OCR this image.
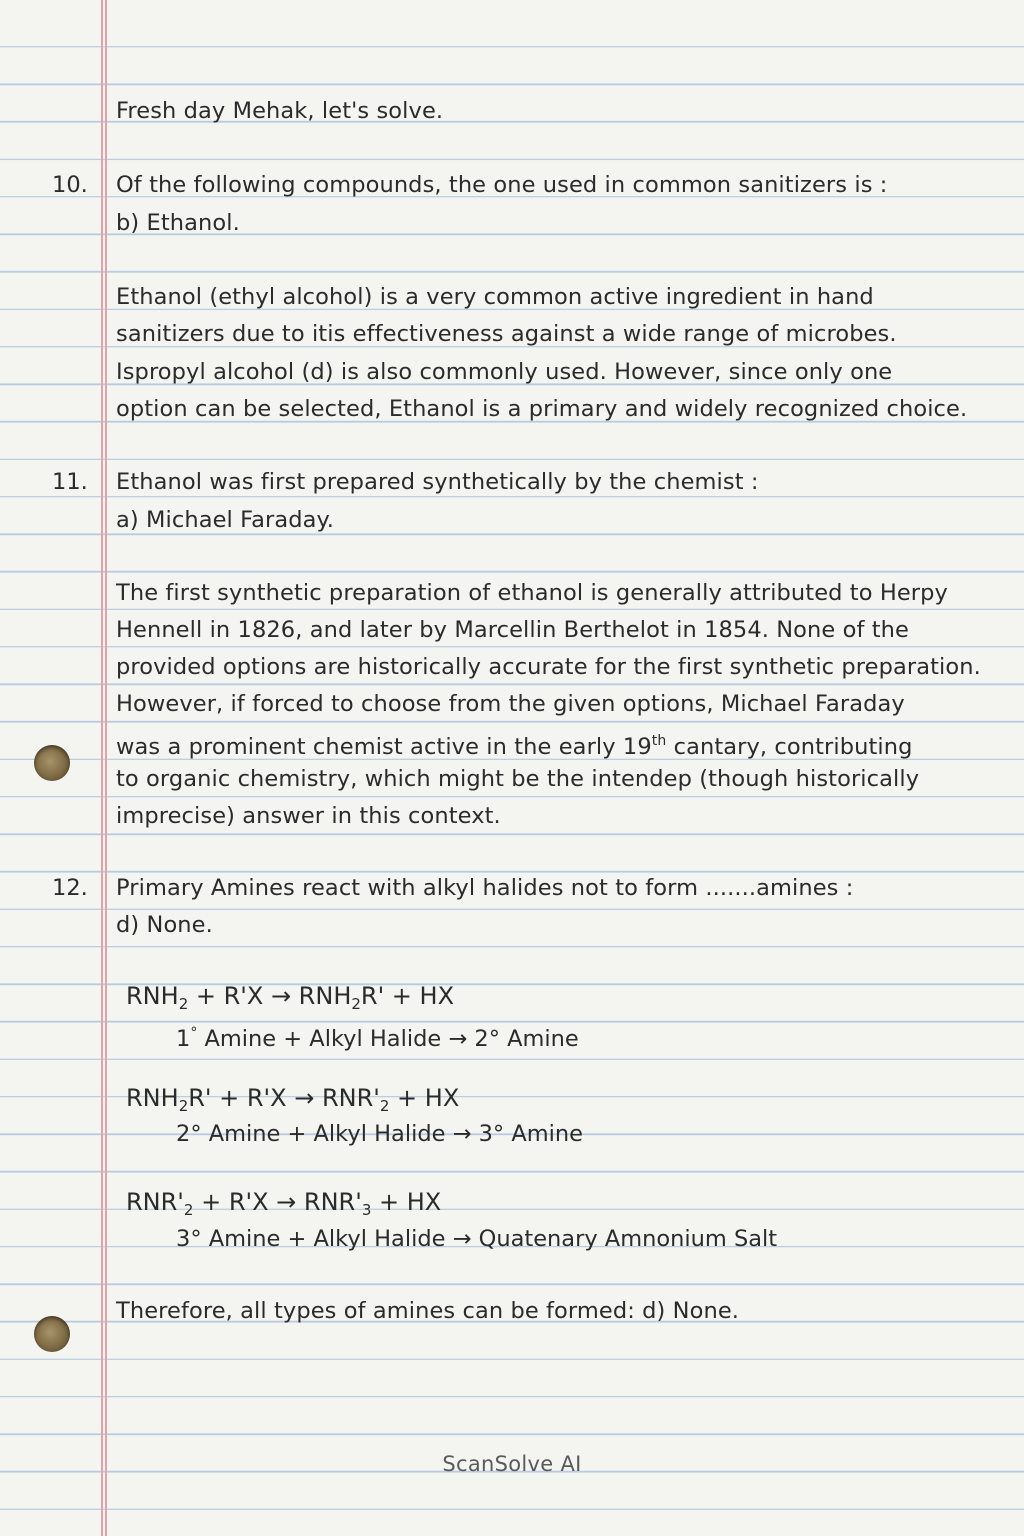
Fresh day Mehak, let's solve.
10. Of the following compounds, the one used in common sanitizers is :
b) Ethanol.
Ethanol (ethyl alcohol) is a very common active ingredient in hand
sanitizers due to itis effectiveness against a wide range of microbes.
Ispropyl alcohol (d) is also commonly used. However, since only one
option can be selected, Ethanol is a primary and widely recognized choice.
11. Ethanol was first prepared synthetically by the chemist :
a) Michael Faraday.
The first synthetic preparation of ethanol is generally attributed to Herpy
Hennell in 1826, and later by Marcellin Berthelot in 1854. None of the
provided options are historically accurate for the first synthetic preparation.
However, if forced to choose from the given options, Michael Faraday
was a prominent chemist active in the early 19th cantary, contributing
to organic chemistry, which might be the intendep (though historically
imprecise) answer in this context.
12. Primary Amines react with alkyl halides not to form .......amines :
d) None.
$RNH_2 + R'X \to RNH_2R'$ + HX
1° Amine + Alkyl Halide → 2° Amine
$RNH_2R' + R'X \to RNR'_2$ + HX
2° Amine + Alkyl Halide → 3° Amine
$RNR'_2 + R'X \to RNR'_3$ + HX
3° Amine + Alkyl Halide → Quatenary Amnonium Salt
Therefore, all types of amines can be formed: d) None.
ScanSolve AI
